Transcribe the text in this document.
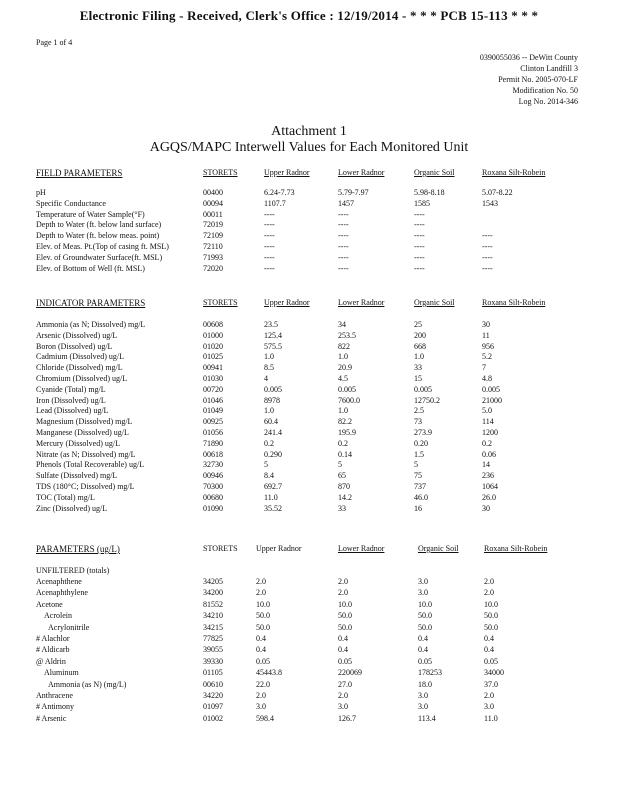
Electronic Filing - Received, Clerk's Office : 12/19/2014 - * * * PCB 15-113 * * *
Page 1 of 4
0390055036 -- DeWitt County
Clinton Landfill 3
Permit No. 2005-070-LF
Modification No. 50
Log No. 2014-346
Attachment 1
AGQS/MAPC Interwell Values for Each Monitored Unit
FIELD PARAMETERS	STORETS	Upper Radnor	Lower Radnor	Organic Soil	Roxana Silt-Robein
pH	00400	6.24-7.73	5.79-7.97	5.98-8.18	5.07-8.22
Specific Conductance	00094	1107.7	1457	1585	1543
Temperature of Water Sample(°F)	00011	----	----	----
Depth to Water (ft. below land surface)	72019	----	----	----
Depth to Water (ft. below meas. point)	72109	----	----	----	----
Elev. of Meas. Pt.(Top of casing ft. MSL)	72110	----	----	----	----
Elev. of Groundwater Surface(ft. MSL)	71993	----	----	----	----
Elev. of Bottom of Well (ft. MSL)	72020	----	----	----	----
INDICATOR PARAMETERS	STORETS	Upper Radnor	Lower Radnor	Organic Soil	Roxana Silt-Robein
Ammonia (as N; Dissolved) mg/L	00608	23.5	34	25	30
Arsenic (Dissolved) ug/L	01000	125.4	253.5	200	11
Boron (Dissolved) ug/L	01020	575.5	822	668	956
Cadmium (Dissolved) ug/L	01025	1.0	1.0	1.0	5.2
Chloride (Dissolved) mg/L	00941	8.5	20.9	33	7
Chromium (Dissolved) ug/L	01030	4	4.5	15	4.8
Cyanide (Total) mg/L	00720	0.005	0.005	0.005	0.005
Iron (Dissolved) ug/L	01046	8978	7600.0	12750.2	21000
Lead (Dissolved) ug/L	01049	1.0	1.0	2.5	5.0
Magnesium (Dissolved) mg/L	00925	60.4	82.2	73	114
Manganese (Dissolved) ug/L	01056	241.4	195.9	273.9	1200
Mercury (Dissolved) ug/L	71890	0.2	0.2	0.20	0.2
Nitrate (as N; Dissolved) mg/L	00618	0.290	0.14	1.5	0.06
Phenols (Total Recoverable) ug/L	32730	5	5	5	14
Sulfate (Dissolved) mg/L	00946	8.4	65	75	236
TDS (180°C; Dissolved) mg/L	70300	692.7	870	737	1064
TOC (Total) mg/L	00680	11.0	14.2	46.0	26.0
Zinc (Dissolved) ug/L	01090	35.52	33	16	30
PARAMETERS (ug/L)	STORETS Upper Radnor	Lower Radnor	Organic Soil	Roxana Silt-Robein
UNFILTERED (totals)
Acenaphthene	34205	2.0	2.0	3.0	2.0
Acenaphthylene	34200	2.0	2.0	3.0	2.0
Acetone	81552	10.0	10.0	10.0	10.0
Acrolein	34210	50.0	50.0	50.0	50.0
Acrylonitrile	34215	50.0	50.0	50.0	50.0
# Alachlor	77825	0.4	0.4	0.4	0.4
# Aldicarb	39055	0.4	0.4	0.4	0.4
@ Aldrin	39330	0.05	0.05	0.05	0.05
Aluminum	01105	45443.8	220069	178253	34000
Ammonia (as N) (mg/L)	00610	22.0	27.0	18.0	37.0
Anthracene	34220	2.0	2.0	3.0	2.0
# Antimony	01097	3.0	3.0	3.0	3.0
# Arsenic	01002	598.4	126.7	113.4	11.0
